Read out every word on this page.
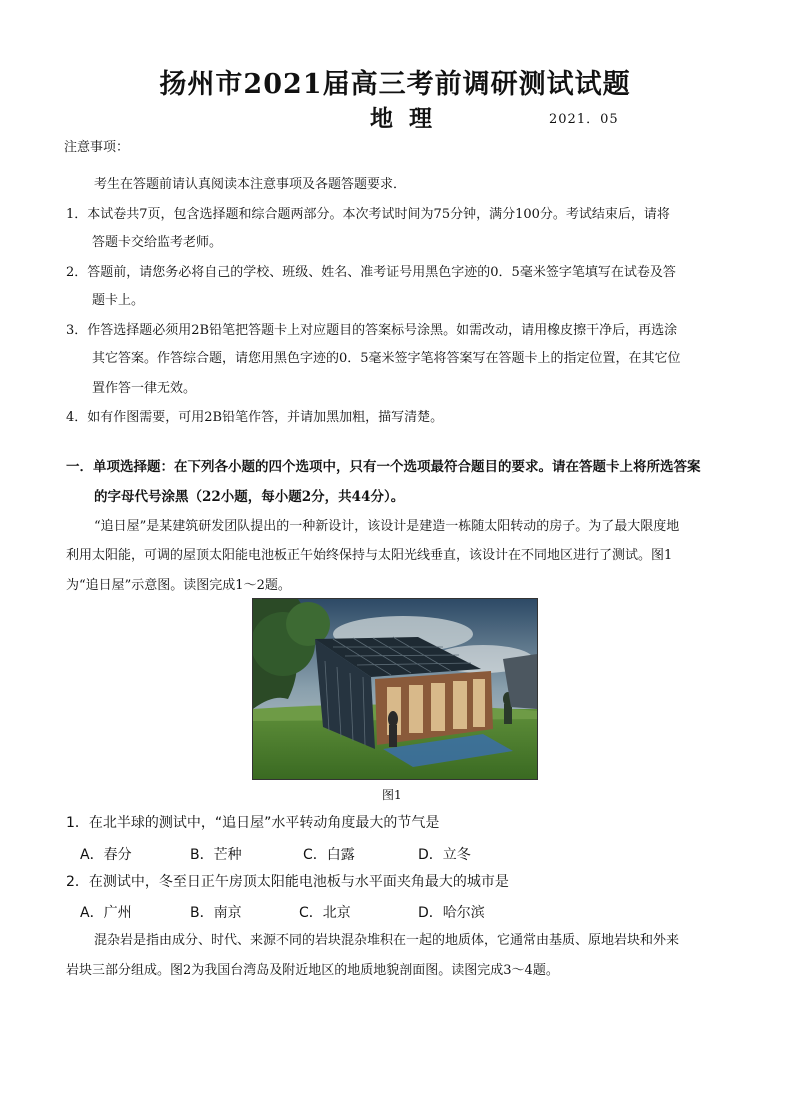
扬州市2021届高三考前调研测试试题
地理	2021．05
注意事项：
考生在答题前请认真阅读本注意事项及各题答题要求．
1．本试卷共7页，包含选择题和综合题两部分。本次考试时间为75分钟，满分100分。考试结束后，请将
答题卡交给监考老师。
2．答题前，请您务必将自己的学校、班级、姓名、准考证号用黑色字迹的0．5毫米签字笔填写在试卷及答
题卡上。
3．作答选择题必须用2B铅笔把答题卡上对应题目的答案标号涂黑。如需改动，请用橡皮擦干净后，再选涂
其它答案。作答综合题，请您用黑色字迹的0．5毫米签字笔将答案写在答题卡上的指定位置，在其它位
置作答一律无效。
4．如有作图需要，可用2B铅笔作答，并请加黑加粗，描写清楚。
一．单项选择题：在下列各小题的四个选项中，只有一个选项最符合题目的要求。请在答题卡上将所选答案
的字母代号涂黑（22小题，每小题2分，共44分）。
“追日屋”是某建筑研发团队提出的一种新设计，该设计是建造一栋随太阳转动的房子。为了最大限度地
利用太阳能，可调的屋顶太阳能电池板正午始终保持与太阳光线垂直，该设计在不同地区进行了测试。图1
为“追日屋”示意图。读图完成1～2题。
图1
1．在北半球的测试中，“追日屋”水平转动角度最大的节气是
A．春分	B．芒种	C．白露	D．立冬
2．在测试中，冬至日正午房顶太阳能电池板与水平面夹角最大的城市是
A．广州	B．南京	C．北京	D．哈尔滨
混杂岩是指由成分、时代、来源不同的岩块混杂堆积在一起的地质体，它通常由基质、原地岩块和外来
岩块三部分组成。图2为我国台湾岛及附近地区的地质地貌剖面图。读图完成3～4题。
